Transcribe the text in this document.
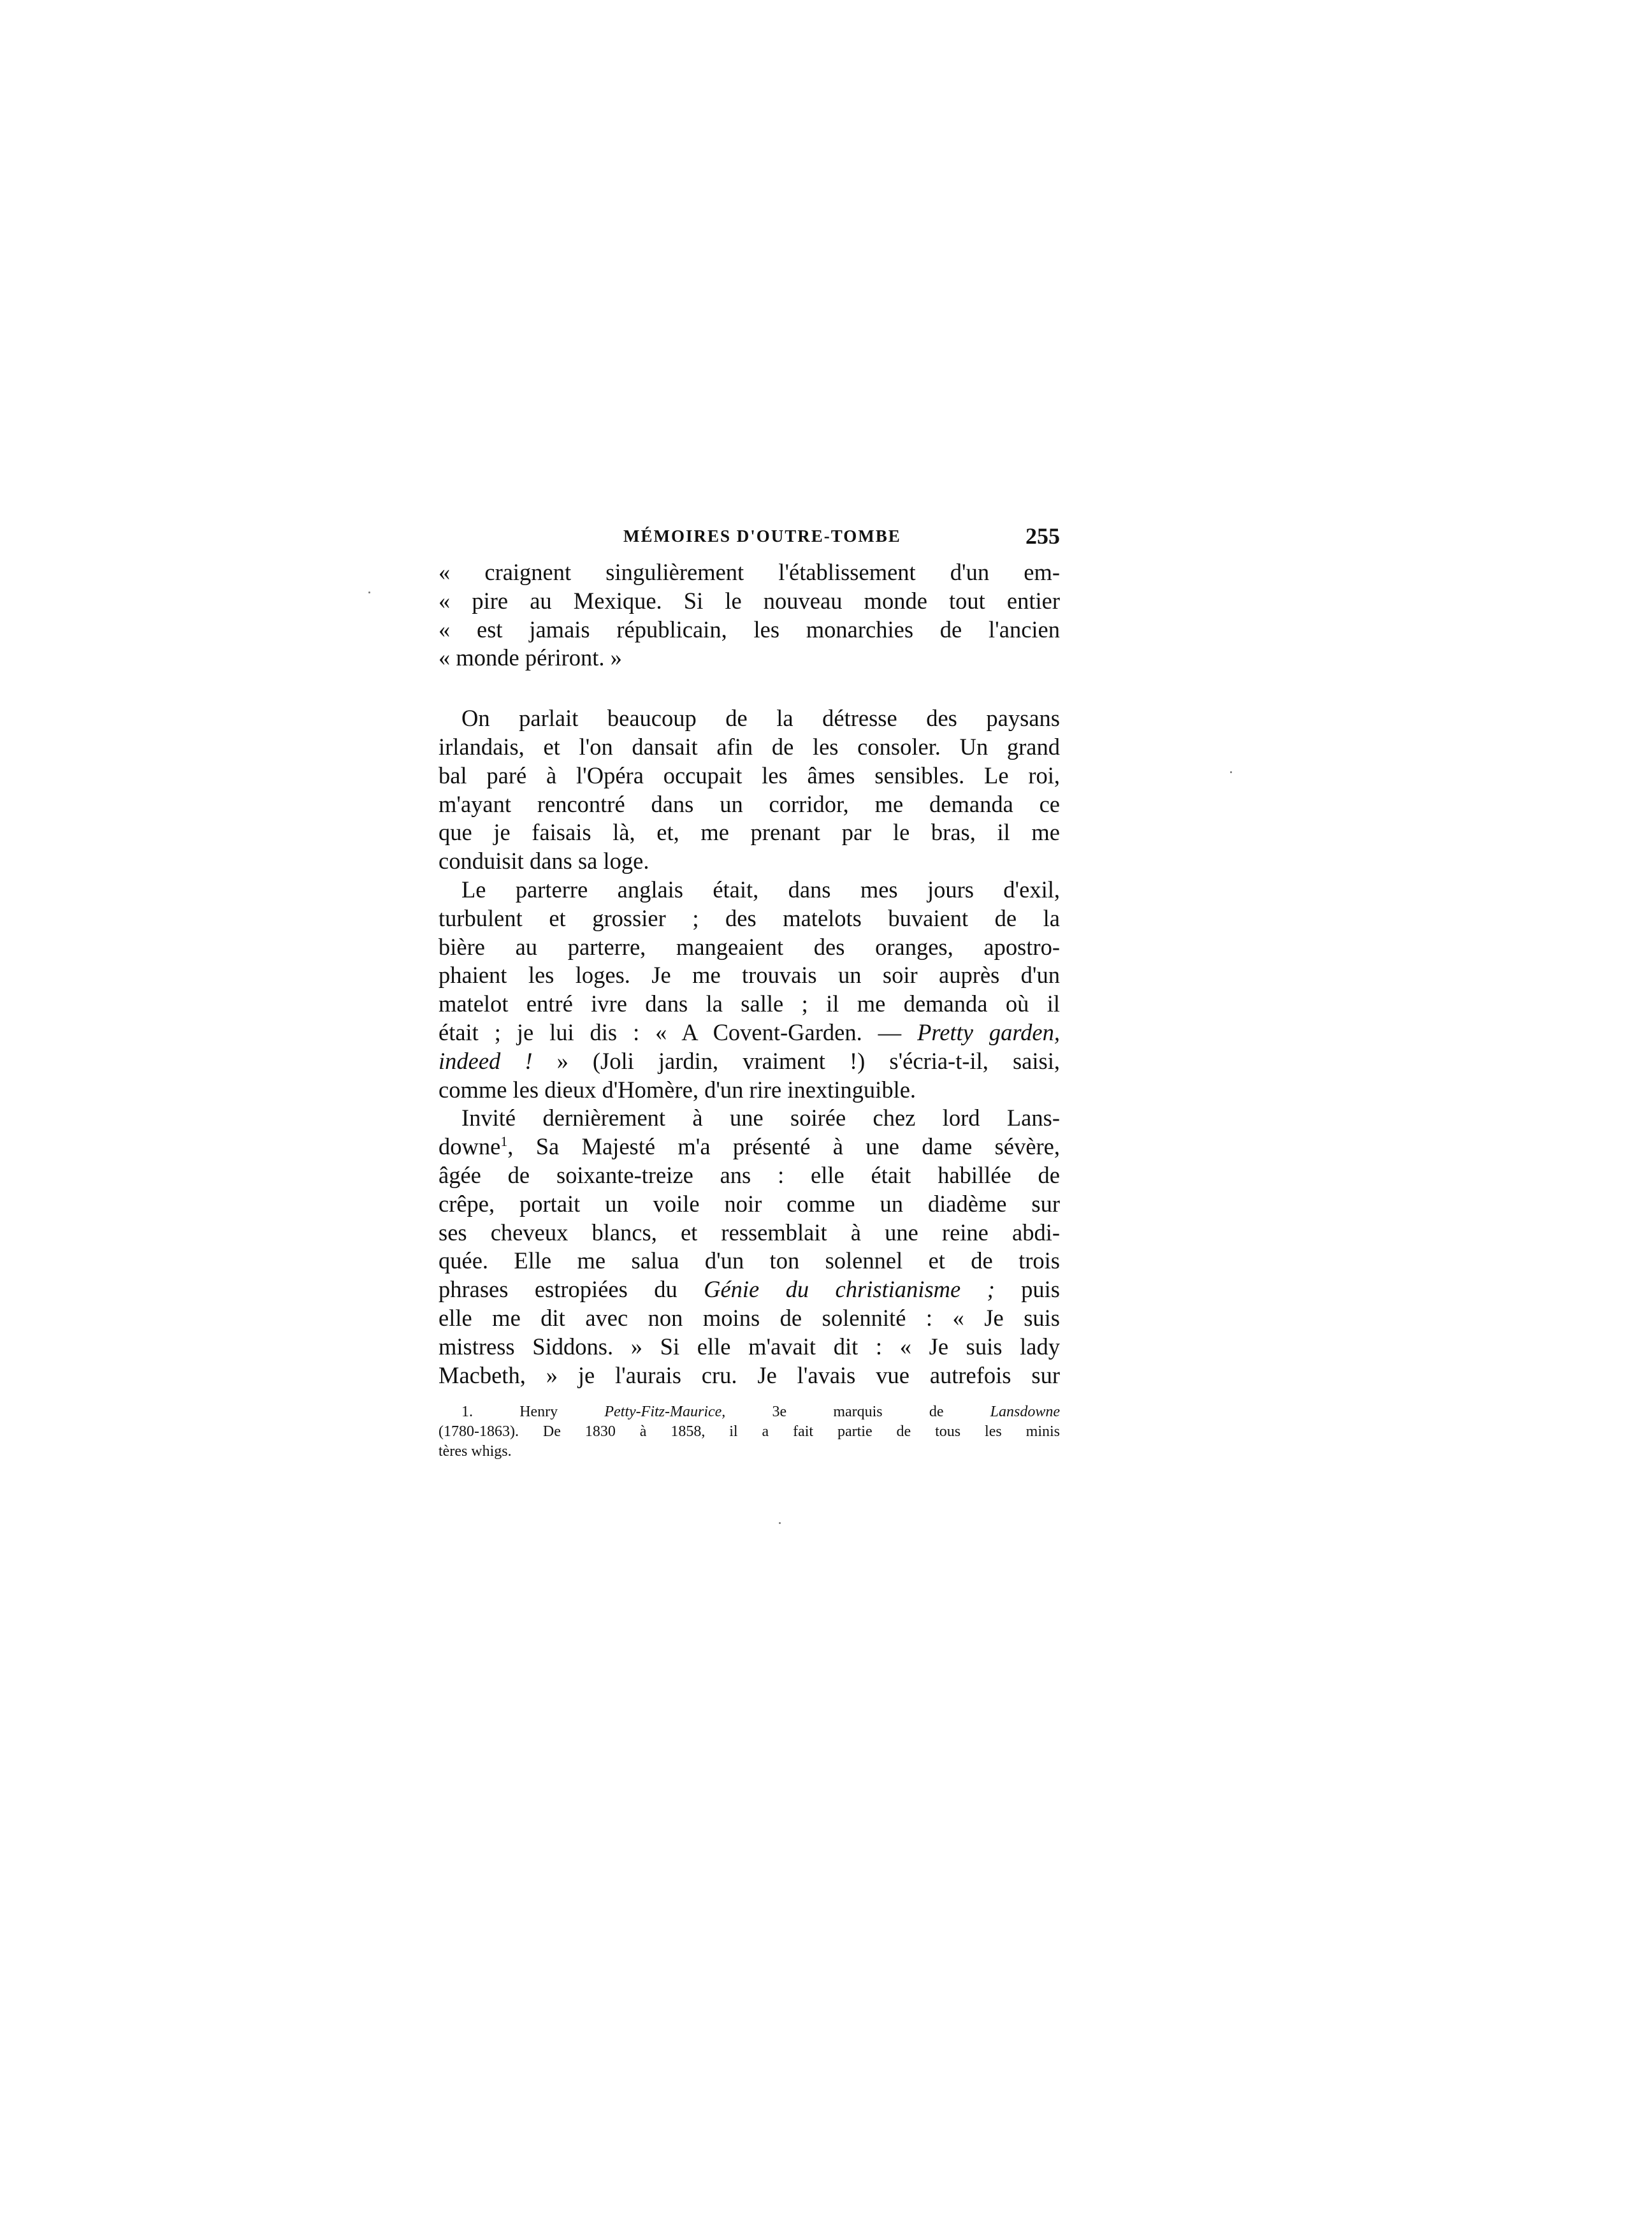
MÉMOIRES D'OUTRE-TOMBE	255
« craignent singulièrement l'établissement d'un em-
« pire au Mexique. Si le nouveau monde tout entier
« est jamais républicain, les monarchies de l'ancien
« monde périront. »
On parlait beaucoup de la détresse des paysans
irlandais, et l'on dansait afin de les consoler. Un grand
bal paré à l'Opéra occupait les âmes sensibles. Le roi,
m'ayant rencontré dans un corridor, me demanda ce
que je faisais là, et, me prenant par le bras, il me
conduisit dans sa loge.
Le parterre anglais était, dans mes jours d'exil,
turbulent et grossier ; des matelots buvaient de la
bière au parterre, mangeaient des oranges, apostro-
phaient les loges. Je me trouvais un soir auprès d'un
matelot entré ivre dans la salle ; il me demanda où il
était ; je lui dis : « A Covent-Garden. — Pretty garden,
indeed ! » (Joli jardin, vraiment !) s'écria-t-il, saisi,
comme les dieux d'Homère, d'un rire inextinguible.
Invité dernièrement à une soirée chez lord Lans-
downe$^1$, Sa Majesté m'a présenté à une dame sévère,
âgée de soixante-treize ans : elle était habillée de
crêpe, portait un voile noir comme un diadème sur
ses cheveux blancs, et ressemblait à une reine abdi-
quée. Elle me salua d'un ton solennel et de trois
phrases estropiées du Génie du christianisme ; puis
elle me dit avec non moins de solennité : « Je suis
mistress Siddons. » Si elle m'avait dit : « Je suis lady
Macbeth, » je l'aurais cru. Je l'avais vue autrefois sur
1.	Henry	Petty-Fitz-Maurice,	3e marquis de	Lansdowne
(1780-1863). De 1830 à 1858, il a fait partie de tous les minis
tères whigs.
